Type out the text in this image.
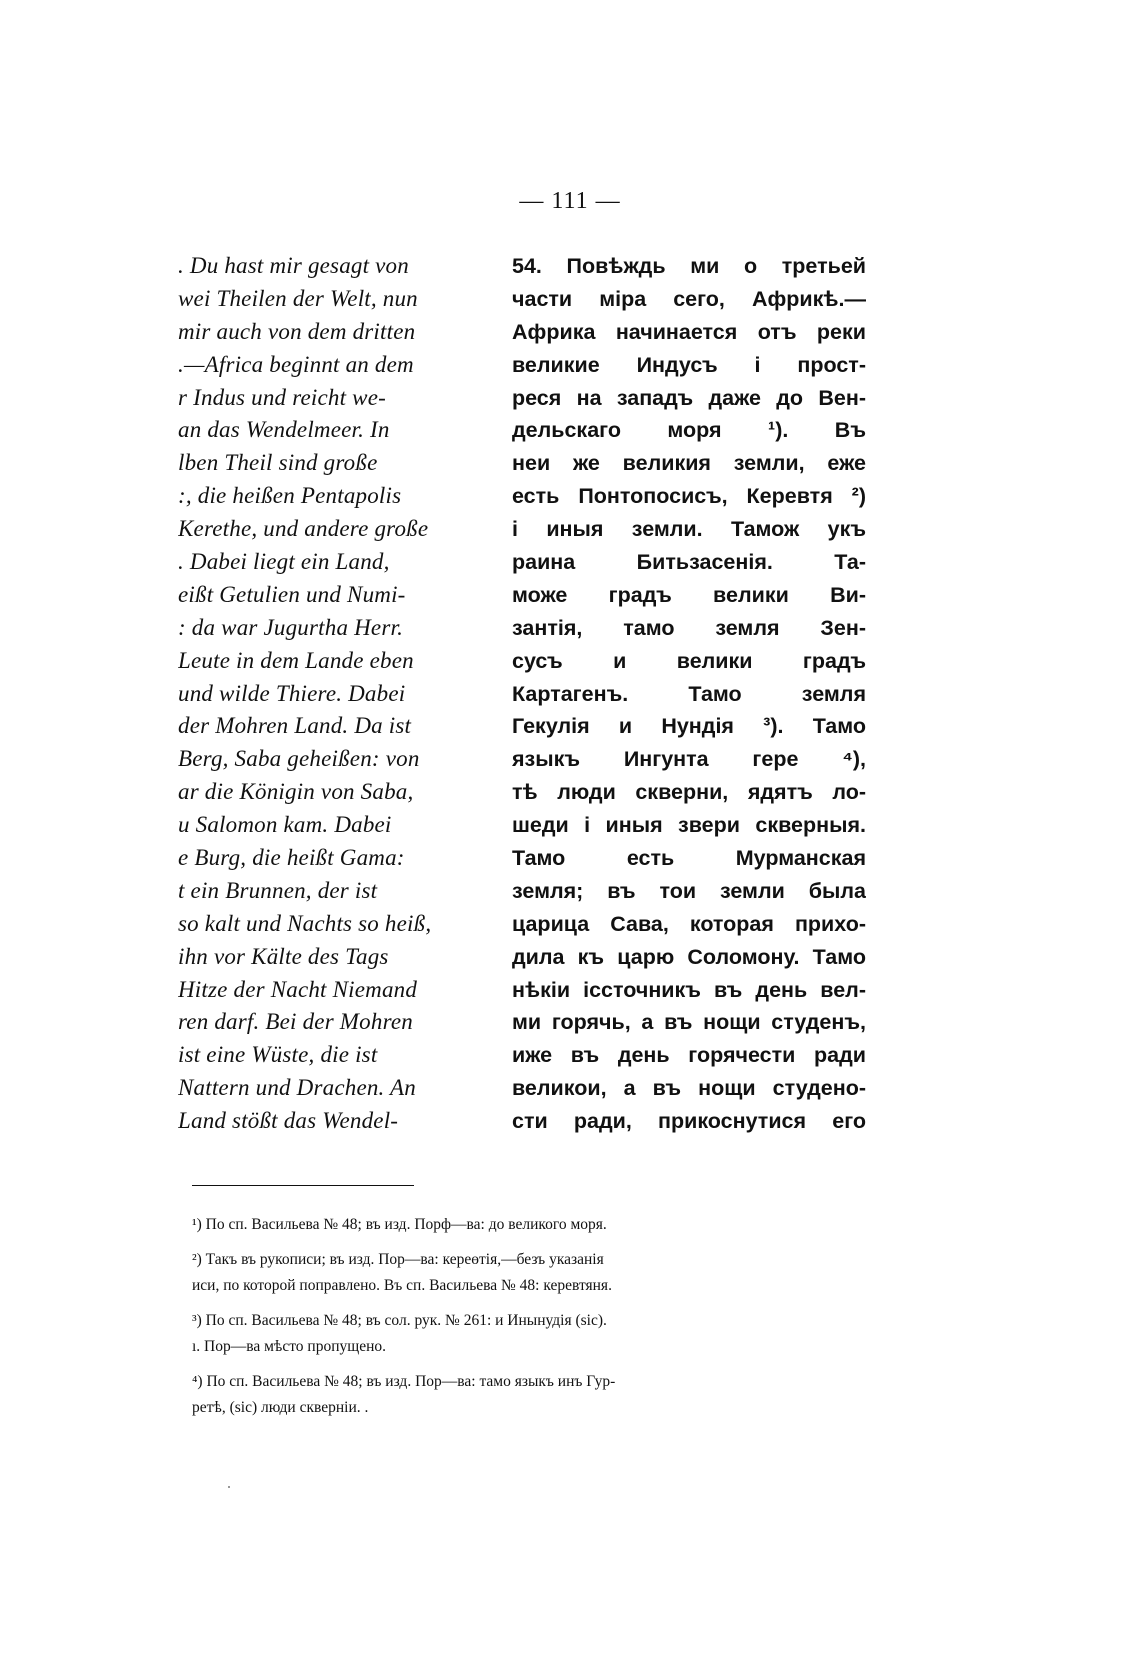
— 111 —
. Du hast mir gesagt von
wei Theilen der Welt, nun
mir auch von dem dritten
.—Africa beginnt an dem
r Indus und reicht we-
an das Wendelmeer. In
lben Theil sind große
:, die heißen Pentapolis
Kerethe, und andere große
. Dabei liegt ein Land,
eißt Getulien und Numi-
: da war Jugurtha Herr.
Leute in dem Lande eben
und wilde Thiere. Dabei
der Mohren Land. Da ist
Berg, Saba geheißen: von
ar die Königin von Saba,
u Salomon kam. Dabei
e Burg, die heißt Gama:
t ein Brunnen, der ist
so kalt und Nachts so heiß,
ihn vor Kälte des Tags
Hitze der Nacht Niemand
ren darf. Bei der Mohren
ist eine Wüste, die ist
Nattern und Drachen. An
Land stößt das Wendel-
54. Повѣждь ми о третьей
части міра сего, Африкѣ.—
Африка начинается отъ реки
великие Индусъ і прост-
реся на западъ даже до Вен-
дельскаго моря ¹). Въ
неи же великия земли, еже
есть Понтопосисъ, Керевтя ²)
і иныя земли. Тамож укъ
раина Битьзасенія. Та-
може градъ велики Ви-
зантія, тамо земля Зен-
сусъ и велики градъ
Картагенъ. Тамо земля
Гекулія и Нундія ³). Тамо
языкъ Ингунта гере ⁴),
тѣ люди скверни, ядятъ ло-
шеди і иныя звери скверныя.
Тамо есть Мурманская
земля; въ тои земли была
царица Сава, которая прихо-
дила къ царю Соломону. Тамо
нѣкіи іссточникъ въ день вел-
ми горячь, а въ нощи студенъ,
иже въ день горячести ради
великои, а въ нощи студено-
сти ради, прикоснутися его
¹) По сп. Васильева № 48; въ изд. Порф—ва: до великого моря.
²) Такъ въ рукописи; въ изд. Пор—ва: кереөтія,—безъ указанія
иси, по которой поправлено. Въ сп. Васильева № 48: керевтяня.
³) По сп. Васильева № 48; въ сол. рук. № 261: и Инынудія (sic).
ı. Пор—ва мѣсто пропущено.
⁴) По сп. Васильева № 48; въ изд. Пор—ва: тамо языкъ инъ Гур-
ретѣ, (sic) люди скверніи. .
